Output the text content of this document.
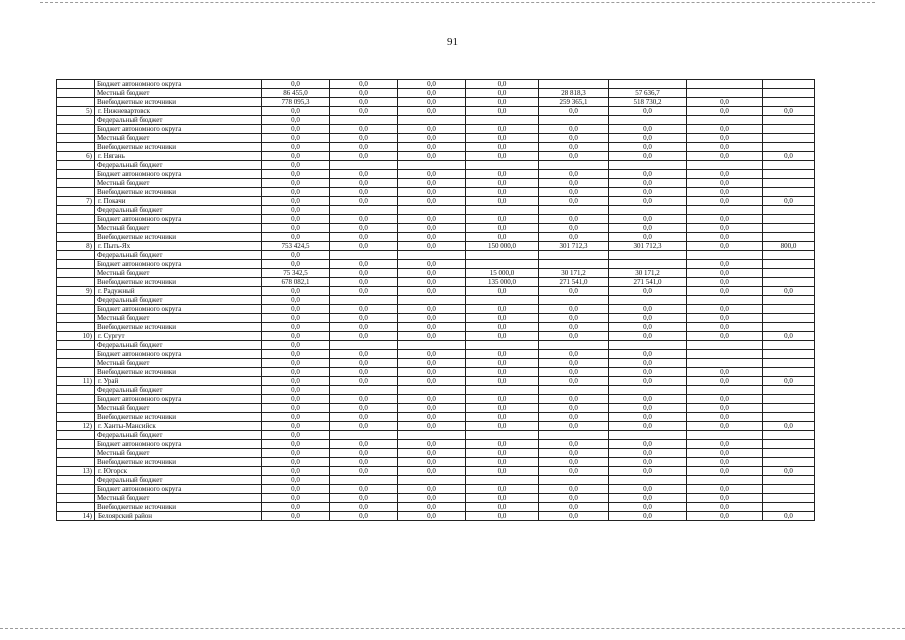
91
	Бюджет автономного округа	0,0	0,0	0,0	0,0				
	Местный бюджет	86 455,0	0,0	0,0	0,0	28 818,3	57 636,7		
	Внебюджетные источники	778 095,3	0,0	0,0	0,0	259 365,1	518 730,2	0,0	
5)	г. Нижневартовск	0,0	0,0	0,0	0,0	0,0	0,0	0,0	0,0
	Федеральный бюджет	0,0							
	Бюджет автономного округа	0,0	0,0	0,0	0,0	0,0	0,0	0,0	
	Местный бюджет	0,0	0,0	0,0	0,0	0,0	0,0	0,0	
	Внебюджетные источники	0,0	0,0	0,0	0,0	0,0	0,0	0,0	
6)	г. Нягань	0,0	0,0	0,0	0,0	0,0	0,0	0,0	0,0
	Федеральный бюджет	0,0							
	Бюджет автономного округа	0,0	0,0	0,0	0,0	0,0	0,0	0,0	
	Местный бюджет	0,0	0,0	0,0	0,0	0,0	0,0	0,0	
	Внебюджетные источники	0,0	0,0	0,0	0,0	0,0	0,0	0,0	
7)	г. Покачи	0,0	0,0	0,0	0,0	0,0	0,0	0,0	0,0
	Федеральный бюджет	0,0							
	Бюджет автономного округа	0,0	0,0	0,0	0,0	0,0	0,0	0,0	
	Местный бюджет	0,0	0,0	0,0	0,0	0,0	0,0	0,0	
	Внебюджетные источники	0,0	0,0	0,0	0,0	0,0	0,0	0,0	
8)	г. Пыть-Ях	753 424,5	0,0	0,0	150 000,0	301 712,3	301 712,3	0,0	800,0
	Федеральный бюджет	0,0							
	Бюджет автономного округа	0,0	0,0	0,0				0,0	
	Местный бюджет	75 342,5	0,0	0,0	15 000,0	30 171,2	30 171,2	0,0	
	Внебюджетные источники	678 082,1	0,0	0,0	135 000,0	271 541,0	271 541,0	0,0	
9)	г. Радужный	0,0	0,0	0,0	0,0	0,0	0,0	0,0	0,0
	Федеральный бюджет	0,0							
	Бюджет автономного округа	0,0	0,0	0,0	0,0	0,0	0,0	0,0	
	Местный бюджет	0,0	0,0	0,0	0,0	0,0	0,0	0,0	
	Внебюджетные источники	0,0	0,0	0,0	0,0	0,0	0,0	0,0	
10)	г. Сургут	0,0	0,0	0,0	0,0	0,0	0,0	0,0	0,0
	Федеральный бюджет	0,0							
	Бюджет автономного округа	0,0	0,0	0,0	0,0	0,0	0,0		
	Местный бюджет	0,0	0,0	0,0	0,0	0,0	0,0		
	Внебюджетные источники	0,0	0,0	0,0	0,0	0,0	0,0	0,0	
11)	г. Урай	0,0	0,0	0,0	0,0	0,0	0,0	0,0	0,0
	Федеральный бюджет	0,0							
	Бюджет автономного округа	0,0	0,0	0,0	0,0	0,0	0,0	0,0	
	Местный бюджет	0,0	0,0	0,0	0,0	0,0	0,0	0,0	
	Внебюджетные источники	0,0	0,0	0,0	0,0	0,0	0,0	0,0	
12)	г. Ханты-Мансийск	0,0	0,0	0,0	0,0	0,0	0,0	0,0	0,0
	Федеральный бюджет	0,0							
	Бюджет автономного округа	0,0	0,0	0,0	0,0	0,0	0,0	0,0	
	Местный бюджет	0,0	0,0	0,0	0,0	0,0	0,0	0,0	
	Внебюджетные источники	0,0	0,0	0,0	0,0	0,0	0,0	0,0	
13)	г. Югорск	0,0	0,0	0,0	0,0	0,0	0,0	0,0	0,0
	Федеральный бюджет	0,0							
	Бюджет автономного округа	0,0	0,0	0,0	0,0	0,0	0,0	0,0	
	Местный бюджет	0,0	0,0	0,0	0,0	0,0	0,0	0,0	
	Внебюджетные источники	0,0	0,0	0,0	0,0	0,0	0,0	0,0	
14)	Белоярский район	0,0	0,0	0,0	0,0	0,0	0,0	0,0	0,0
